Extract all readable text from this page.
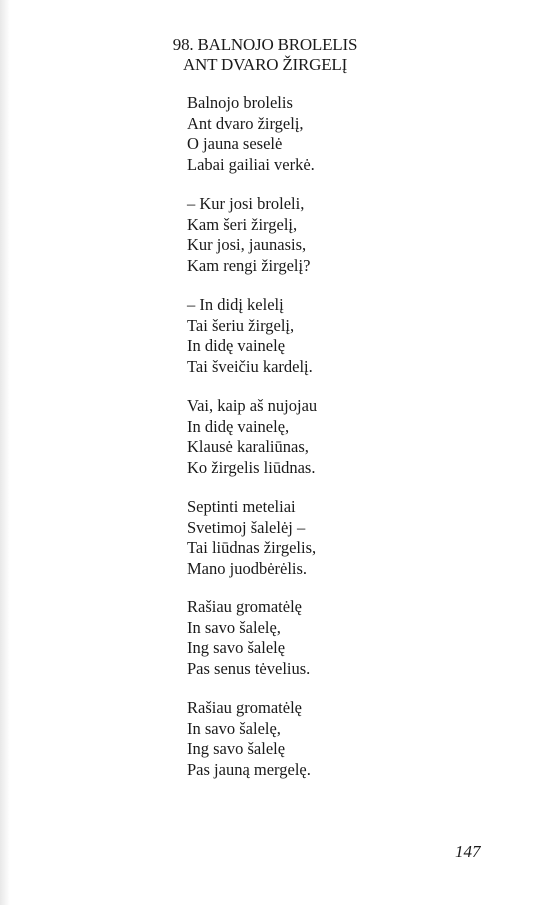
98. BALNOJO BROLELIS
ANT DVARO ŽIRGELĮ
Balnojo brolelis
Ant dvaro žirgelį,
O jauna seselė
Labai gailiai verkė.
– Kur josi broleli,
Kam šeri žirgelį,
Kur josi, jaunasis,
Kam rengi žirgelį?
– In didį kelelį
Tai šeriu žirgelį,
In didę vainelę
Tai šveičiu kardelį.
Vai, kaip aš nujojau
In didę vainelę,
Klausė karaliūnas,
Ko žirgelis liūdnas.
Septinti meteliai
Svetimoj šalelėj –
Tai liūdnas žirgelis,
Mano juodbėrėlis.
Rašiau gromatėlę
In savo šalelę,
Ing savo šalelę
Pas senus tėvelius.
Rašiau gromatėlę
In savo šalelę,
Ing savo šalelę
Pas jauną mergelę.
147
